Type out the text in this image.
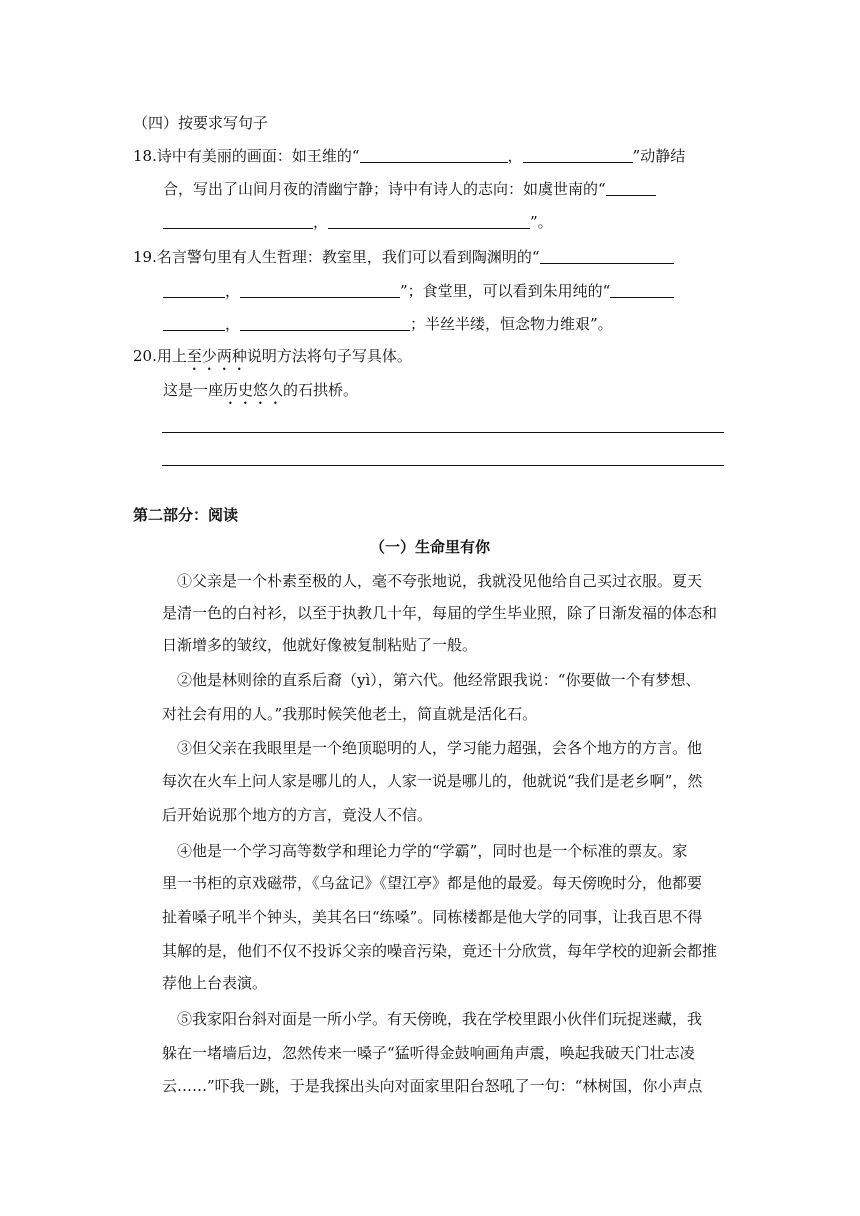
（四）按要求写句子
18.诗中有美丽的画面：如王维的“	，	”动静结
合，写出了山间月夜的清幽宁静；诗中有诗人的志向：如虞世南的“
，	”。
19.名言警句里有人生哲理：教室里，我们可以看到陶渊明的“
，	”；食堂里，可以看到朱用纯的“
，	；半丝半缕，恒念物力维艰”。
20.用上至少两种说明方法将句子写具体。
这是一座历史悠久的石拱桥。
第二部分：阅读
（一）生命里有你
①父亲是一个朴素至极的人，毫不夸张地说，我就没见他给自己买过衣服。夏天
是清一色的白衬衫，以至于执教几十年，每届的学生毕业照，除了日渐发福的体态和
日渐增多的皱纹，他就好像被复制粘贴了一般。
②他是林则徐的直系后裔（yì），第六代。他经常跟我说：“你要做一个有梦想、
对社会有用的人。”我那时候笑他老土，简直就是活化石。
③但父亲在我眼里是一个绝顶聪明的人，学习能力超强，会各个地方的方言。他
每次在火车上问人家是哪儿的人，人家一说是哪儿的，他就说“我们是老乡啊”，然
后开始说那个地方的方言，竟没人不信。
④他是一个学习高等数学和理论力学的“学霸”，同时也是一个标准的票友。家
里一书柜的京戏磁带，《乌盆记》《望江亭》都是他的最爱。每天傍晚时分，他都要
扯着嗓子吼半个钟头，美其名曰“练嗓”。同栋楼都是他大学的同事，让我百思不得
其解的是，他们不仅不投诉父亲的噪音污染，竟还十分欣赏，每年学校的迎新会都推
荐他上台表演。
⑤我家阳台斜对面是一所小学。有天傍晚，我在学校里跟小伙伴们玩捉迷藏，我
躲在一堵墙后边，忽然传来一嗓子“猛听得金鼓响画角声震，唤起我破天门壮志凌
云……”吓我一跳，于是我探出头向对面家里阳台怒吼了一句：“林树国，你小声点
